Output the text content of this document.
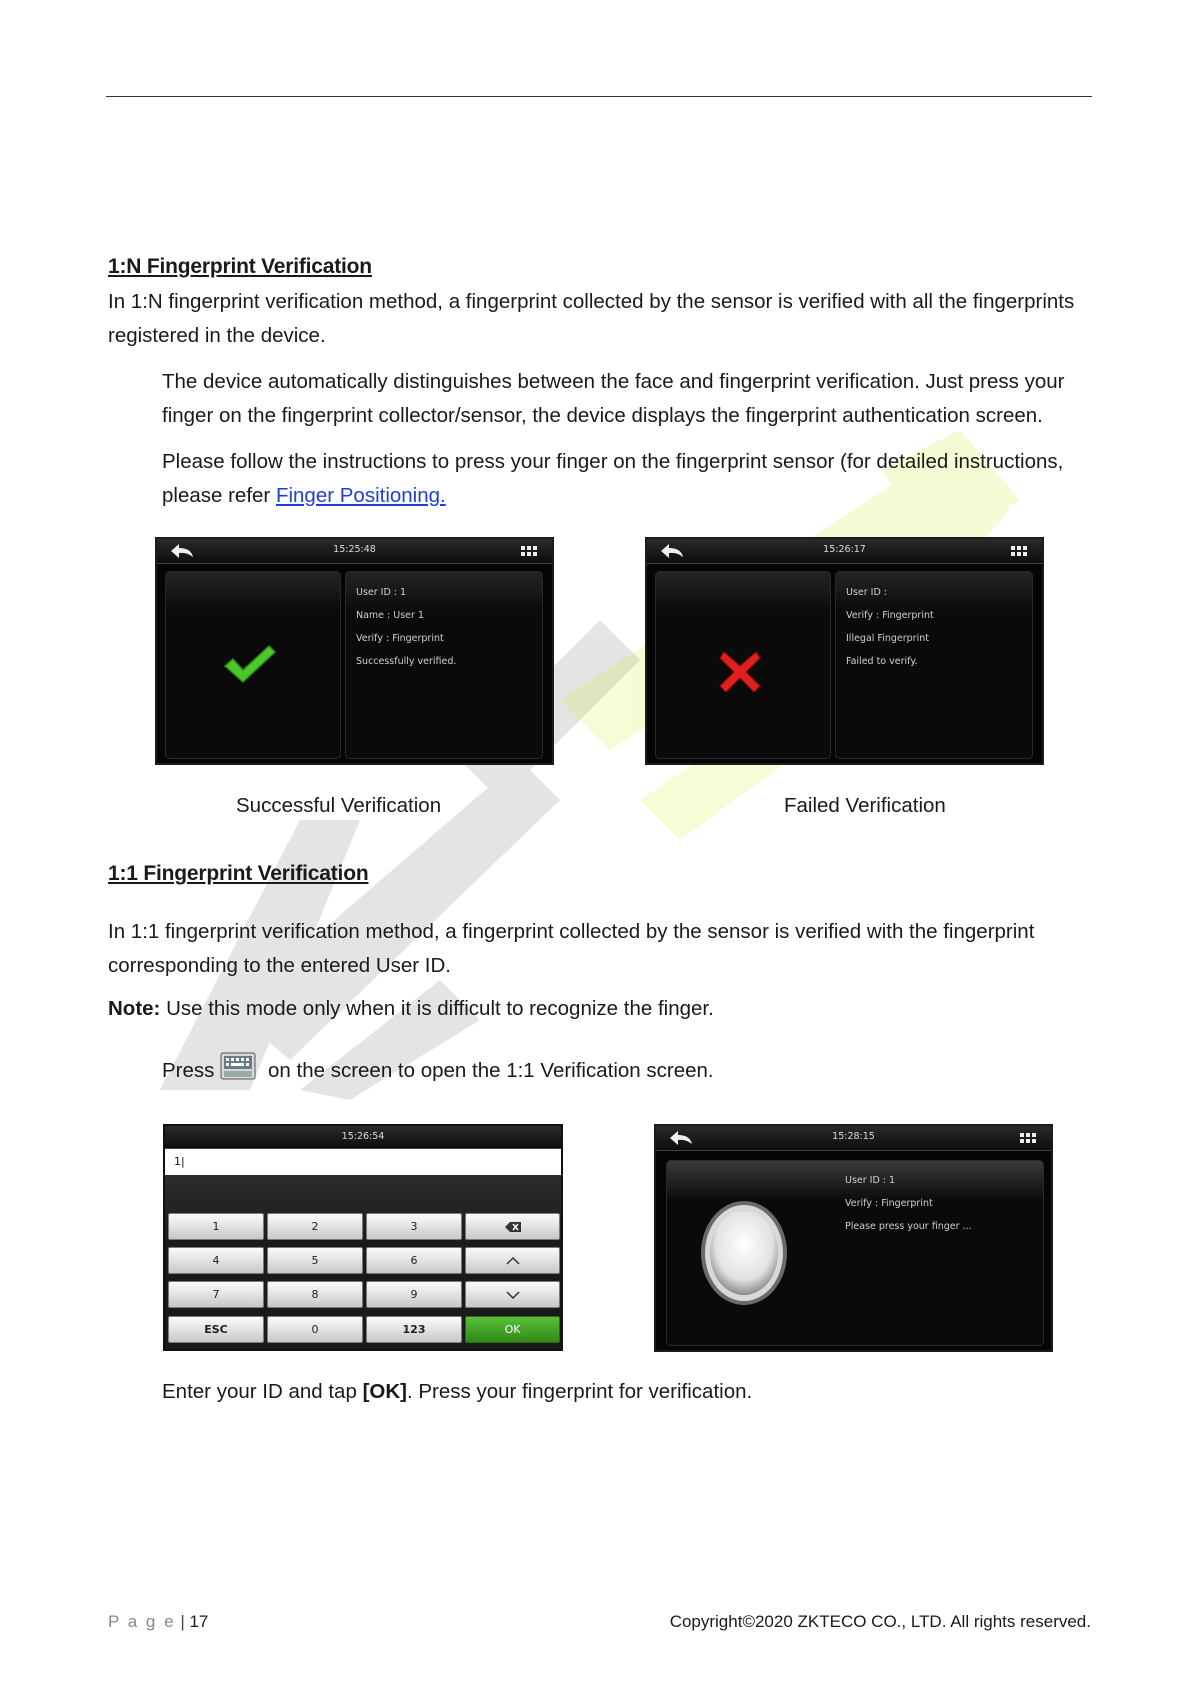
1:N Fingerprint Verification
In 1:N fingerprint verification method, a fingerprint collected by the sensor is verified with all the fingerprints
registered in the device.
The device automatically distinguishes between the face and fingerprint verification. Just press your
finger on the fingerprint collector/sensor, the device displays the fingerprint authentication screen.
Please follow the instructions to press your finger on the fingerprint sensor (for detailed instructions,
please refer Finger Positioning.
15:25:48
User ID : 1
Name : User 1
Verify : Fingerprint
Successfully verified.
Successful Verification
15:26:17
User ID :
Verify : Fingerprint
Illegal Fingerprint
Failed to verify.
Failed Verification
1:1 Fingerprint Verification
In 1:1 fingerprint verification method, a fingerprint collected by the sensor is verified with the fingerprint
corresponding to the entered User ID.
Note: Use this mode only when it is difficult to recognize the finger.
Press	on the screen to open the 1:1 Verification screen.
15:26:54
1|
1	2	3
4	5	6
7	8	9
ESC	0	123	OK
15:28:15
User ID : 1
Verify : Fingerprint
Please press your finger ...
Enter your ID and tap [OK]. Press your fingerprint for verification.
P a g e | 17	Copyright©2020 ZKTECO CO., LTD. All rights reserved.
